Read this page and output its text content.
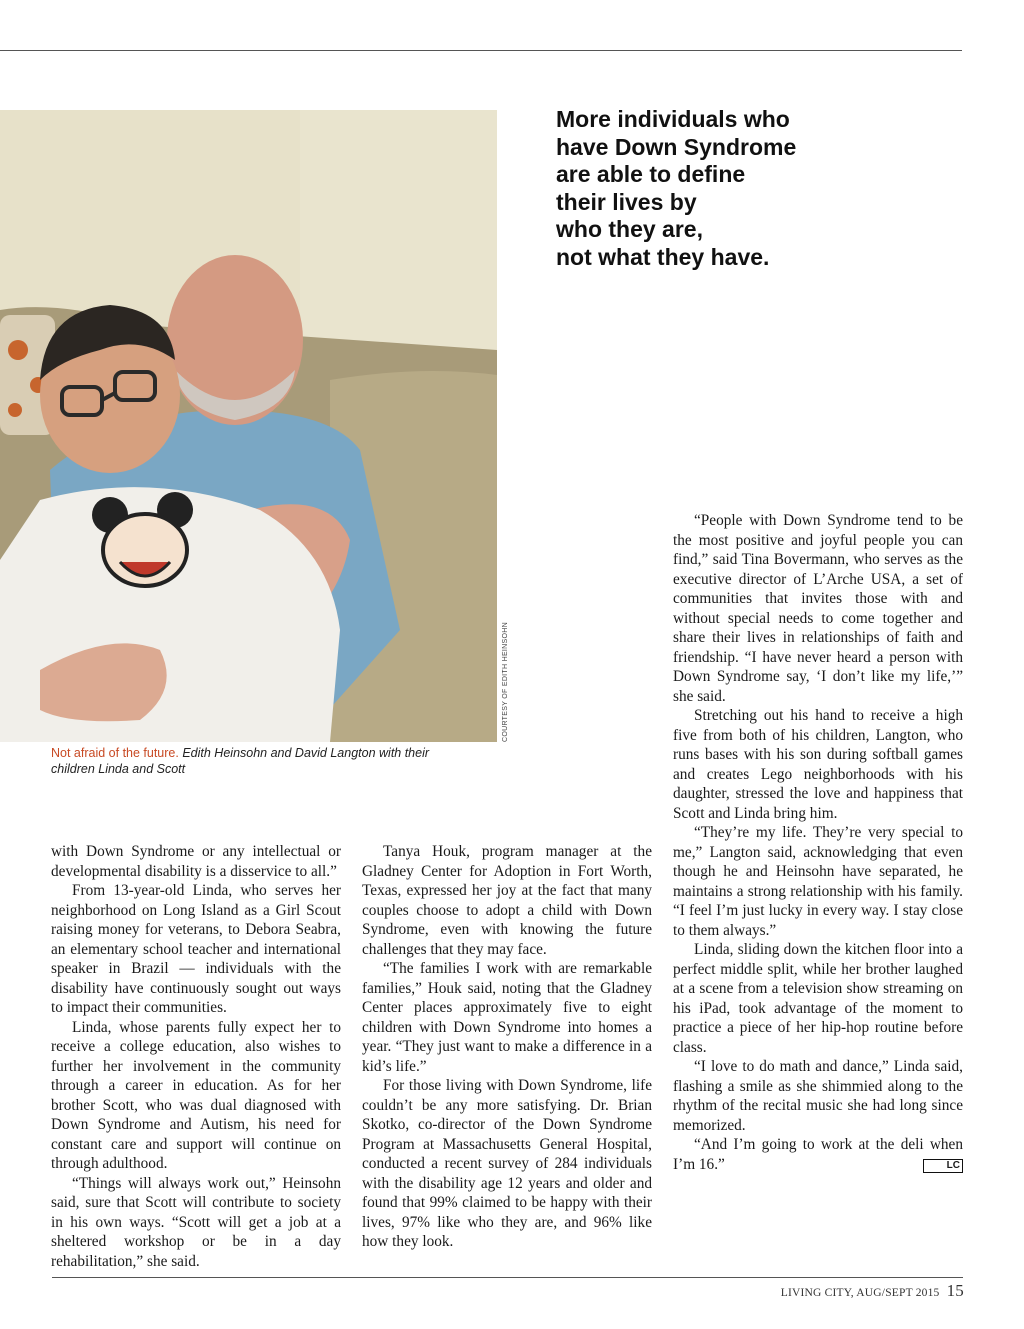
COURTESY OF EDITH HEINSOHN
Not afraid of the future. Edith Heinsohn and David Langton with their children Linda and Scott

More individuals who
have Down Syndrome
are able to define
their lives by
who they are,
not what they have.

with Down Syndrome or any intellectual or developmental disability is a disservice to all.”

From 13-year-old Linda, who serves her neighborhood on Long Island as a Girl Scout raising money for veterans, to Debora Seabra, an elementary school teacher and international speaker in Brazil — individuals with the disability have continuously sought out ways to impact their communities.

Linda, whose parents fully expect her to receive a college education, also wishes to further her involvement in the community through a career in education. As for her brother Scott, who was dual diagnosed with Down Syndrome and Autism, his need for constant care and support will continue on through adulthood.

“Things will always work out,” Heinsohn said, sure that Scott will contribute to society in his own ways. “Scott will get a job at a sheltered workshop or be in a day rehabilitation,” she said.

Tanya Houk, program manager at the Gladney Center for Adoption in Fort Worth, Texas, expressed her joy at the fact that many couples choose to adopt a child with Down Syndrome, even with knowing the future challenges that they may face.

“The families I work with are remarkable families,” Houk said, noting that the Gladney Center places approximately five to eight children with Down Syndrome into homes a year. “They just want to make a difference in a kid’s life.”

For those living with Down Syndrome, life couldn’t be any more satisfying. Dr. Brian Skotko, co-director of the Down Syndrome Program at Massachusetts General Hospital, conducted a recent survey of 284 individuals with the disability age 12 years and older and found that 99% claimed to be happy with their lives, 97% like who they are, and 96% like how they look.

“People with Down Syndrome tend to be the most positive and joyful people you can find,” said Tina Bovermann, who serves as the executive director of L’Arche USA, a set of communities that invites those with and without special needs to come together and share their lives in relationships of faith and friendship. “I have never heard a person with Down Syndrome say, ‘I don’t like my life,’” she said.

Stretching out his hand to receive a high five from both of his children, Langton, who runs bases with his son during softball games and creates Lego neighborhoods with his daughter, stressed the love and happiness that Scott and Linda bring him.

“They’re my life. They’re very special to me,” Langton said, acknowledging that even though he and Heinsohn have separated, he maintains a strong relationship with his family. “I feel I’m just lucky in every way. I stay close to them always.”

Linda, sliding down the kitchen floor into a perfect middle split, while her brother laughed at a scene from a television show streaming on his iPad, took advantage of the moment to practice a piece of her hip-hop routine before class.

“I love to do math and dance,” Linda said, flashing a smile as she shimmied along to the rhythm of the recital music she had long since memorized.

“And I’m going to work at the deli when I’m 16.”	LC

LIVING CITY, AUG/SEPT 2015 15
